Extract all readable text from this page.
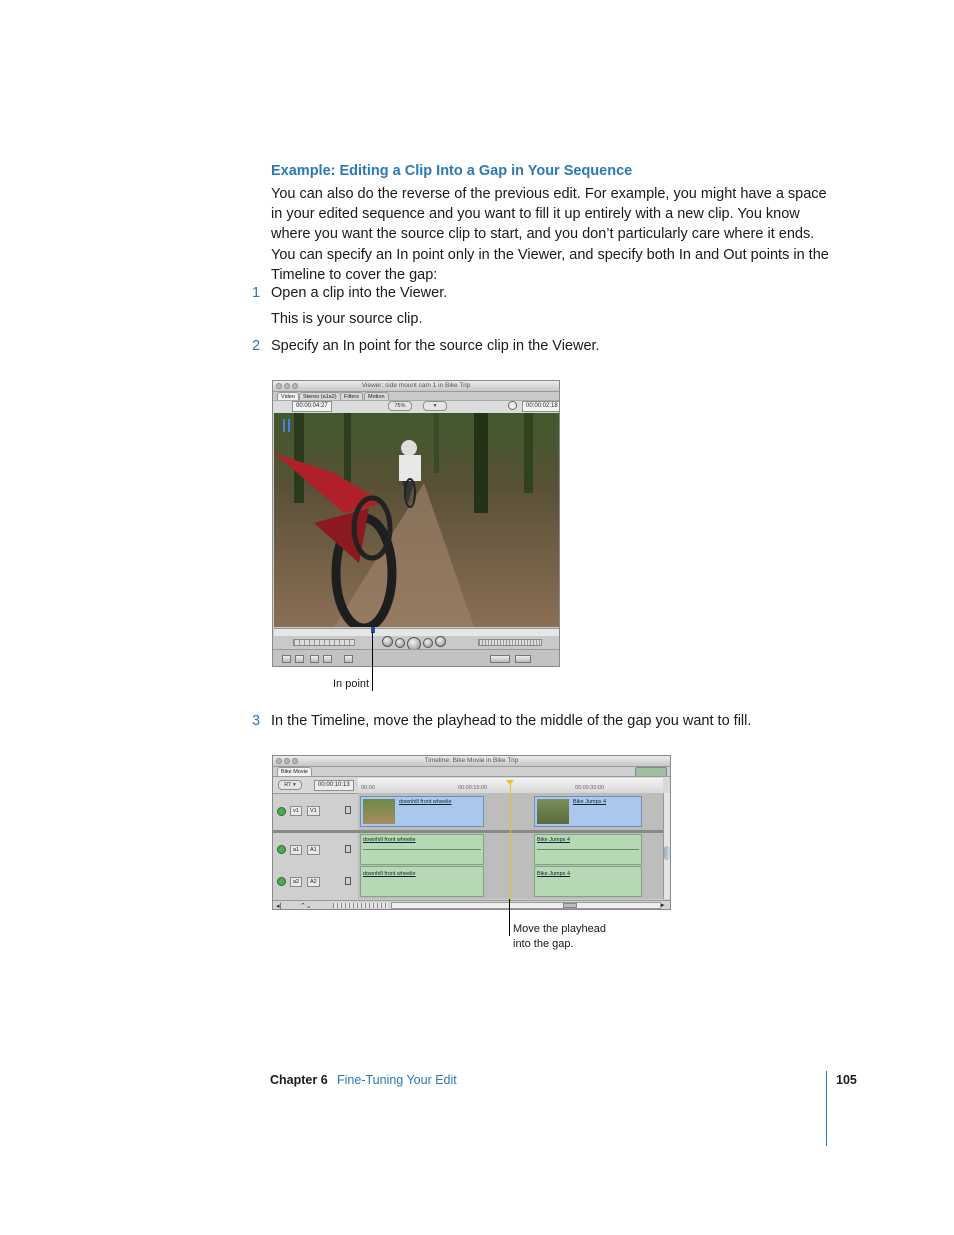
Example: Editing a Clip Into a Gap in Your Sequence
You can also do the reverse of the previous edit. For example, you might have a space in your edited sequence and you want to fill it up entirely with a new clip. You know where you want the source clip to start, and you don’t particularly care where it ends. You can specify an In point only in the Viewer, and specify both In and Out points in the Timeline to cover the gap:
1 Open a clip into the Viewer.
This is your source clip.
2 Specify an In point for the source clip in the Viewer.
Viewer: side mount cam 1 in Bike Trip
Video	Stereo (a1a2)	Filters	Motion
00:00:04:27	75%	▾	00:00:02:18
In point
3 In the Timeline, move the playhead to the middle of the gap you want to fill.
Timeline: Bike Movie in Bike Trip
Bike Movie
RT ▾	00:00:10:13	00:00	00:00:15:00	00:00:30:00
v1	V1
a1	A1
a2	A2
downhill front wheelie	Bike Jumps 4
downhill front wheelie	Bike Jumps 4
downhill front wheelie	Bike Jumps 4
◂|	⌃⌄	▸
Move the playhead
into the gap.
Chapter 6 Fine-Tuning Your Edit	105
